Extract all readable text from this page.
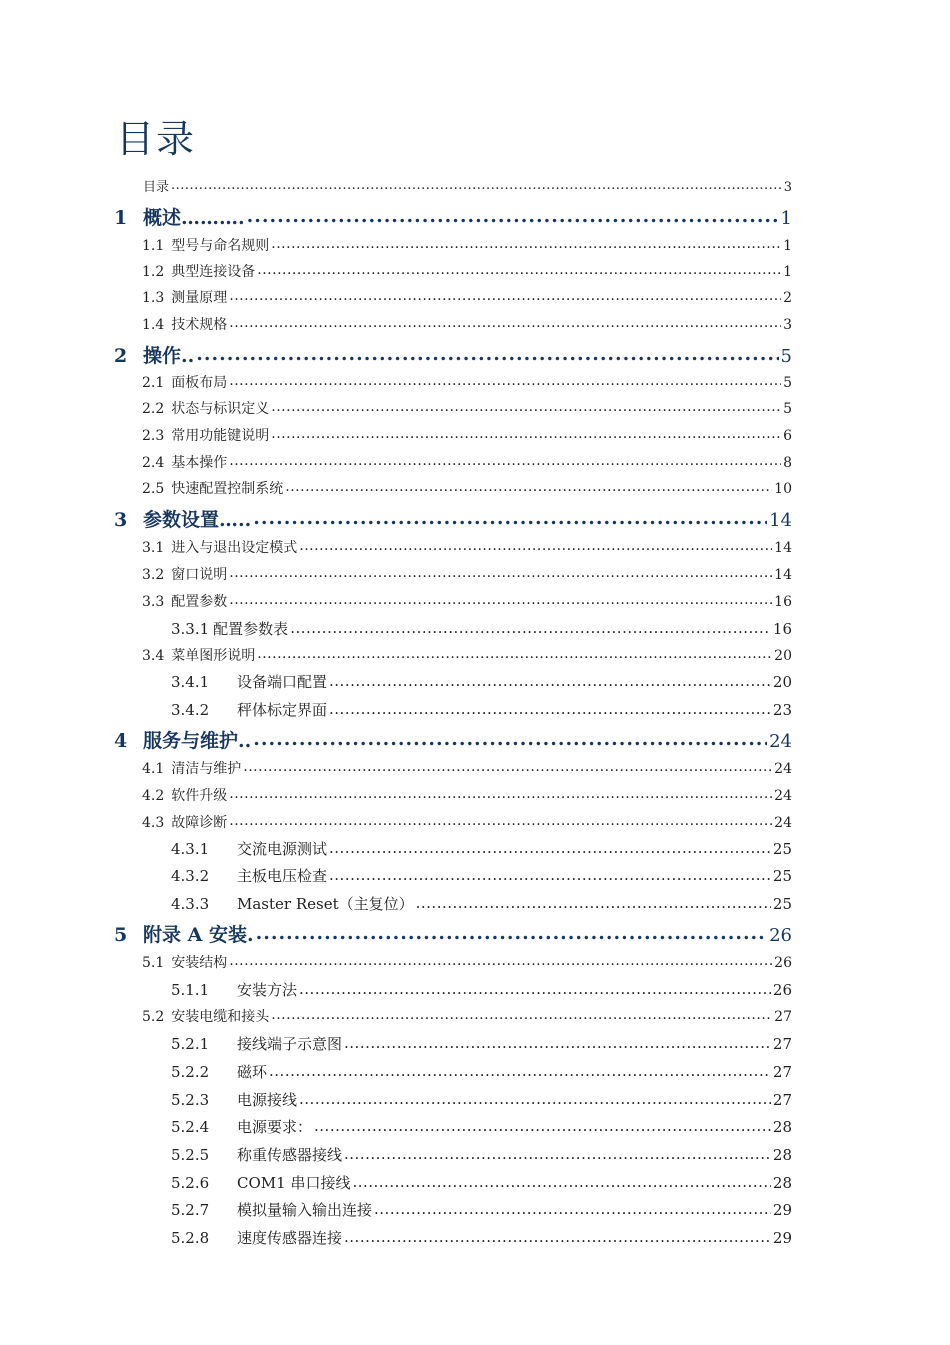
目录
目录 .....	3
1 概述………. .....	1
1.1 型号与命名规则 .....	1
1.2 典型连接设备 .....	1
1.3 测量原理 .....	2
1.4 技术规格 .....	3
2 操作.. .....	5
2.1 面板布局 .....	5
2.2 状态与标识定义 .....	5
2.3 常用功能键说明 .....	6
2.4 基本操作 .....	8
2.5 快速配置控制系统 .....	10
3 参数设置….. .....	14
3.1 进入与退出设定模式 .....	14
3.2 窗口说明 .....	14
3.3 配置参数 .....	16
3.3.1 配置参数表 .....	16
3.4 菜单图形说明 .....	20
3.4.1	设备端口配置 .....	20
3.4.2	秤体标定界面 .....	23
4 服务与维护.. .....	24
4.1 清洁与维护 .....	24
4.2 软件升级 .....	24
4.3 故障诊断 .....	24
4.3.1	交流电源测试 .....	25
4.3.2	主板电压检查 .....	25
4.3.3	Master Reset（主复位） .....	25
5 附录 A 安装. .....	26
5.1 安装结构 .....	26
5.1.1	安装方法 .....	26
5.2 安装电缆和接头 .....	27
5.2.1	接线端子示意图 .....	27
5.2.2	磁环 .....	27
5.2.3	电源接线 .....	27
5.2.4	电源要求： .....	28
5.2.5	称重传感器接线 .....	28
5.2.6	COM1 串口接线 .....	28
5.2.7	模拟量输入输出连接 .....	29
5.2.8	速度传感器连接 .....	29
